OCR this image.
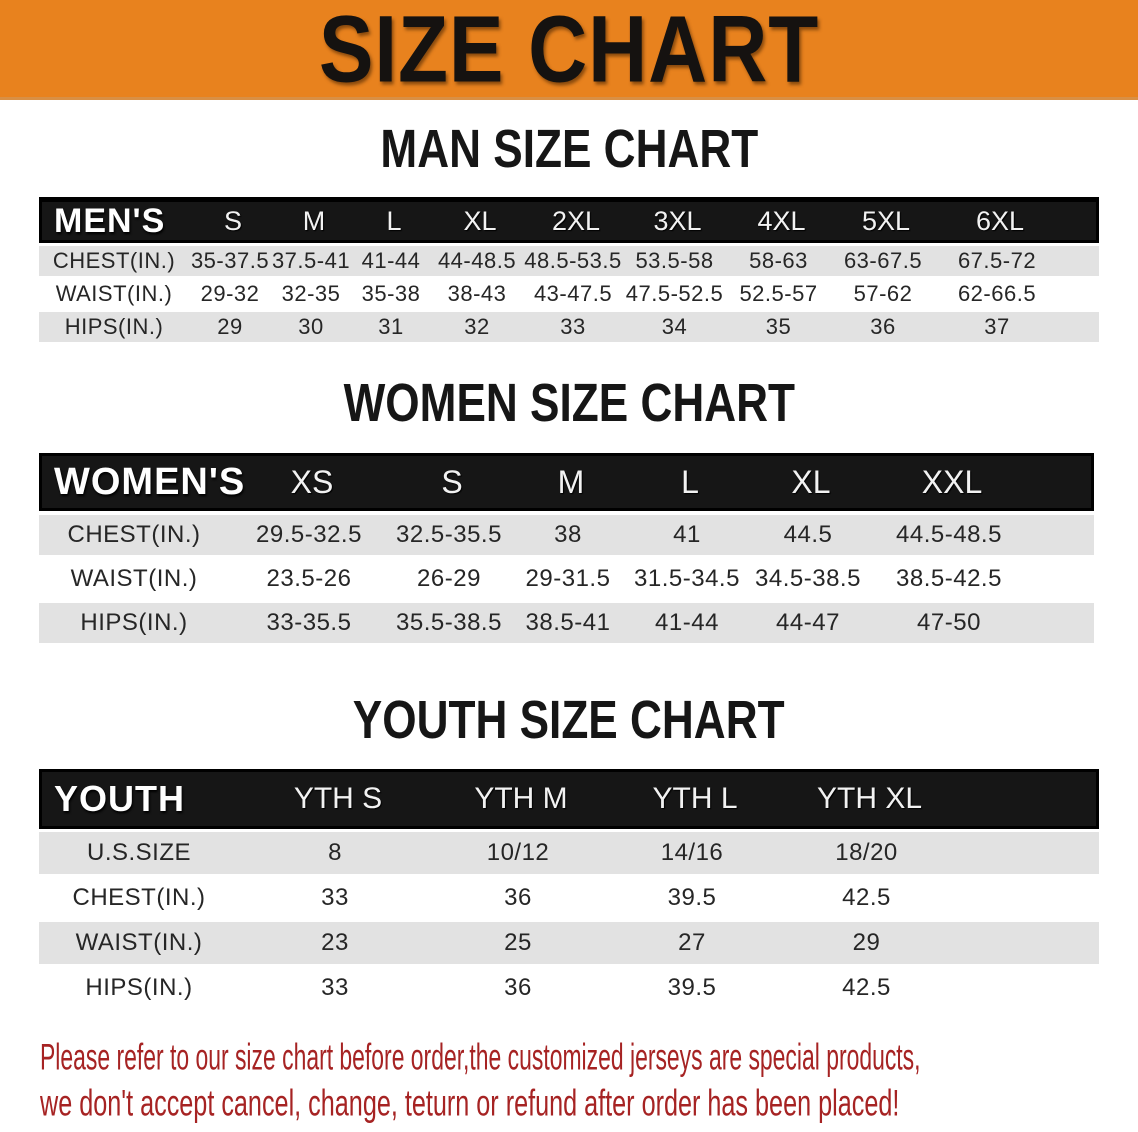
SIZE CHART
MAN SIZE CHART
MEN'S	S	M	L	XL	2XL	3XL	4XL	5XL	6XL
CHEST(IN.) 35-37.5 37.5-41 41-44 44-48.5 48.5-53.5 53.5-58	58-63	63-67.5	67.5-72
WAIST(IN.)	29-32	32-35 35-38	38-43	43-47.5 47.5-52.5 52.5-57	57-62	62-66.5
HIPS(IN.)	29	30	31	32	33	34	35	36	37
WOMEN SIZE CHART
WOMEN'S	XS	S	M	L	XL	XXL
CHEST(IN.)	29.5-32.5	32.5-35.5	38	41	44.5	44.5-48.5
WAIST(IN.)	23.5-26	26-29	29-31.5 31.5-34.5 34.5-38.5	38.5-42.5
HIPS(IN.)	33-35.5	35.5-38.5 38.5-41	41-44	44-47	47-50
YOUTH SIZE CHART
YOUTH	YTH S	YTH M	YTH L	YTH XL
U.S.SIZE	8	10/12	14/16	18/20
CHEST(IN.)	33	36	39.5	42.5
WAIST(IN.)	23	25	27	29
HIPS(IN.)	33	36	39.5	42.5
Please refer to our size chart before order,the customized jerseys are special products,
we don't accept cancel, change, teturn or refund after order has been placed!
